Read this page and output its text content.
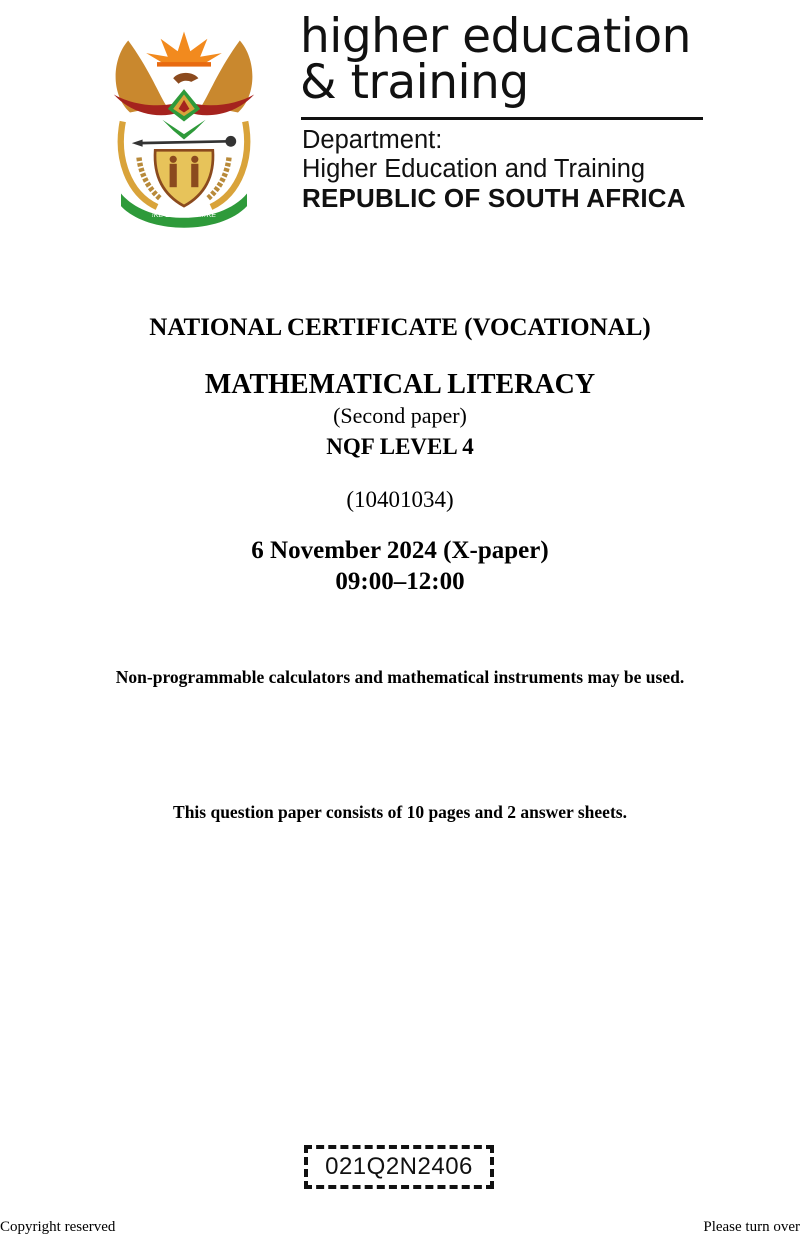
!KE E: /XARRA //KE
higher education
& training
Department:
Higher Education and Training
REPUBLIC OF SOUTH AFRICA
NATIONAL CERTIFICATE (VOCATIONAL)
MATHEMATICAL LITERACY
(Second paper)
NQF LEVEL 4
(10401034)
6 November 2024 (X-paper)
09:00–12:00
Non-programmable calculators and mathematical instruments may be used.
This question paper consists of 10 pages and 2 answer sheets.
021Q2N2406
Copyright reserved	Please turn over
